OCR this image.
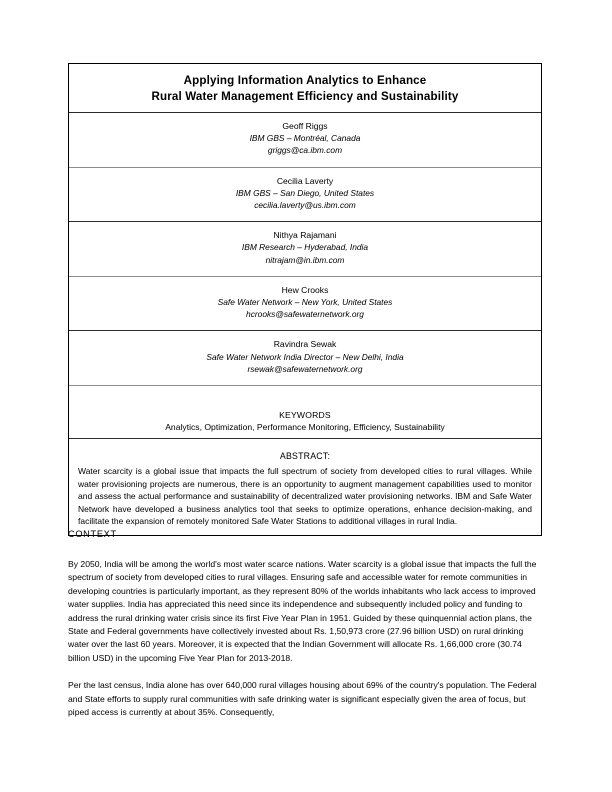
Applying Information Analytics to Enhance
Rural Water Management Efficiency and Sustainability
Geoff Riggs
IBM GBS – Montréal, Canada
griggs@ca.ibm.com
Cecilia Laverty
IBM GBS – San Diego, United States
cecilia.laverty@us.ibm.com
Nithya Rajamani
IBM Research – Hyderabad, India
nitrajam@in.ibm.com
Hew Crooks
Safe Water Network – New York, United States
hcrooks@safewaternetwork.org
Ravindra Sewak
Safe Water Network India Director – New Delhi, India
rsewak@safewaternetwork.org
KEYWORDS
Analytics, Optimization, Performance Monitoring, Efficiency, Sustainability
ABSTRACT:
Water scarcity is a global issue that impacts the full spectrum of society from developed cities to rural villages. While water provisioning projects are numerous, there is an opportunity to augment management capabilities used to monitor and assess the actual performance and sustainability of decentralized water provisioning networks. IBM and Safe Water Network have developed a business analytics tool that seeks to optimize operations, enhance decision-making, and facilitate the expansion of remotely monitored Safe Water Stations to additional villages in rural India.
CONTEXT

By 2050, India will be among the world's most water scarce nations. Water scarcity is a global issue that impacts the full the spectrum of society from developed cities to rural villages. Ensuring safe and accessible water for remote communities in developing countries is particularly important, as they represent 80% of the worlds inhabitants who lack access to improved water supplies. India has appreciated this need since its independence and subsequently included policy and funding to address the rural drinking water crisis since its first Five Year Plan in 1951. Guided by these quinquennial action plans, the State and Federal governments have collectively invested about Rs. 1,50,973 crore (27.96 billion USD) on rural drinking water over the last 60 years. Moreover, it is expected that the Indian Government will allocate Rs. 1,66,000 crore (30.74 billion USD) in the upcoming Five Year Plan for 2013-2018.

Per the last census, India alone has over 640,000 rural villages housing about 69% of the country's population. The Federal and State efforts to supply rural communities with safe drinking water is significant especially given the area of focus, but piped access is currently at about 35%. Consequently,
